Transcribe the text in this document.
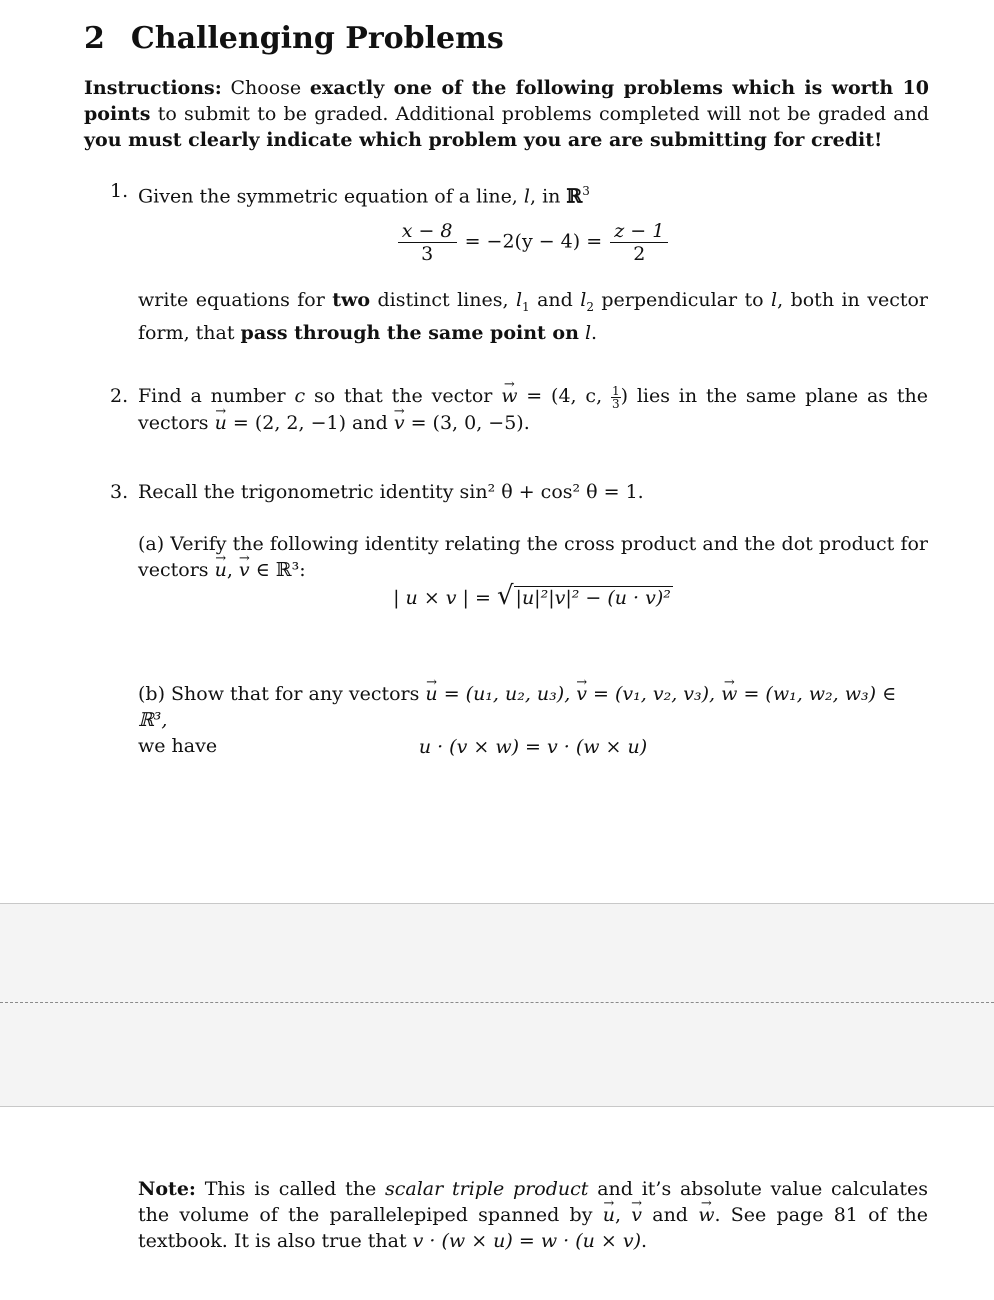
2 Challenging Problems
Instructions: Choose exactly one of the following problems which is worth 10 points to submit to be graded. Additional problems completed will not be graded and you must clearly indicate which problem you are are submitting for credit!
1. Given the symmetric equation of a line, l, in ℝ$^3$
$\frac{x - 8}{3} = -2(y - 4) = \frac{z - 1}{2}$
write equations for two distinct lines, $l_1$ and $l_2$ perpendicular to l, both in vector form, that pass through the same point on l.
2. Find a number c so that the vector → w = (4, c, $\frac{1}{3}$ ) lies in the same plane as the vectors → u = (2, 2, −1) and → v = (3, 0, −5).
3. Recall the trigonometric identity sin² θ + cos² θ = 1.
(a) Verify the following identity relating the cross product and the dot product for vectors → u, → v ∈ ℝ³:
| u × v | = √ |u|²|v|² − (u · v)²
(b) Show that for any vectors → u = (u₁, u₂, u₃), → v = (v₁, v₂, v₃), → w = (w₁, w₂, w₃) ∈ ℝ³,
we have	u · (v × w) = v · (w × u)
Note: This is called the scalar triple product and it’s absolute value calculates the volume of the parallelepiped spanned by → u, → v and → w. See page 81 of the textbook. It is also true that v · (w × u) = w · (u × v).
